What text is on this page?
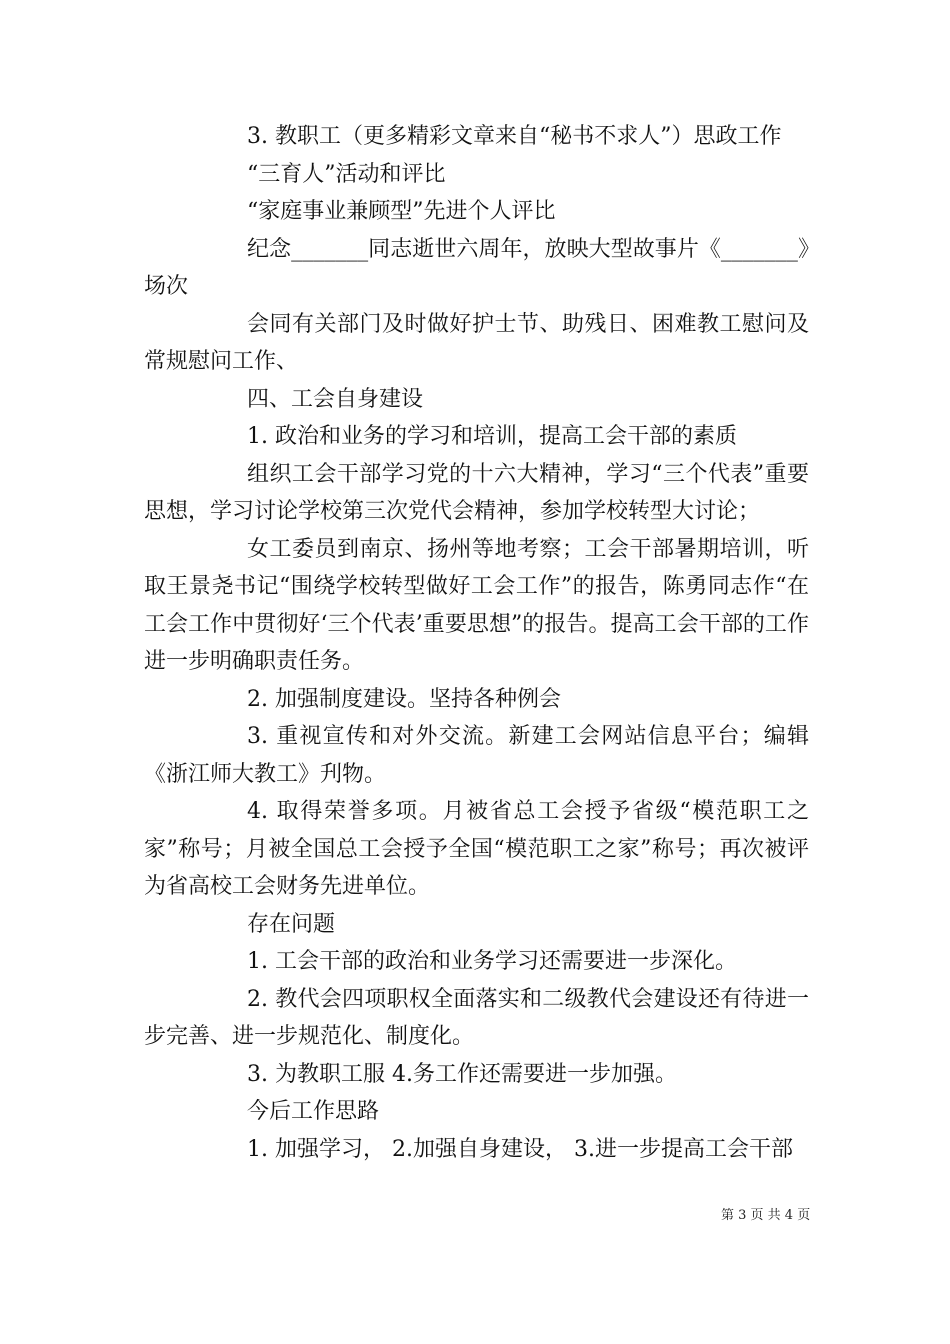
3. 教职工（更多精彩文章来自“秘书不求人”）思政工作

“三育人”活动和评比

“家庭事业兼顾型”先进个人评比

纪念_______同志逝世六周年，放映大型故事片《_______》场次

会同有关部门及时做好护士节、助残日、困难教工慰问及常规慰问工作、

四、工会自身建设

1. 政治和业务的学习和培训，提高工会干部的素质

组织工会干部学习党的十六大精神，学习“三个代表”重要思想，学习讨论学校第三次党代会精神，参加学校转型大讨论；

女工委员到南京、扬州等地考察；工会干部暑期培训，听取王景尧书记“围绕学校转型做好工会工作”的报告，陈勇同志作“在工会工作中贯彻好‘三个代表’重要思想”的报告。提高工会干部的工作进一步明确职责任务。

2. 加强制度建设。坚持各种例会

3. 重视宣传和对外交流。新建工会网站信息平台；编辑《浙江师大教工》刋物。

4. 取得荣誉多项。月被省总工会授予省级“模范职工之家”称号；月被全国总工会授予全国“模范职工之家”称号；再次被评为省高校工会财务先进单位。

存在问题

1. 工会干部的政治和业务学习还需要进一步深化。

2. 教代会四项职权全面落实和二级教代会建设还有待进一步完善、进一步规范化、制度化。

3. 为教职工服 4.务工作还需要进一步加强。

今后工作思路

1. 加强学习， 2.加强自身建设， 3.进一步提高工会干部

第 3 页 共 4 页
